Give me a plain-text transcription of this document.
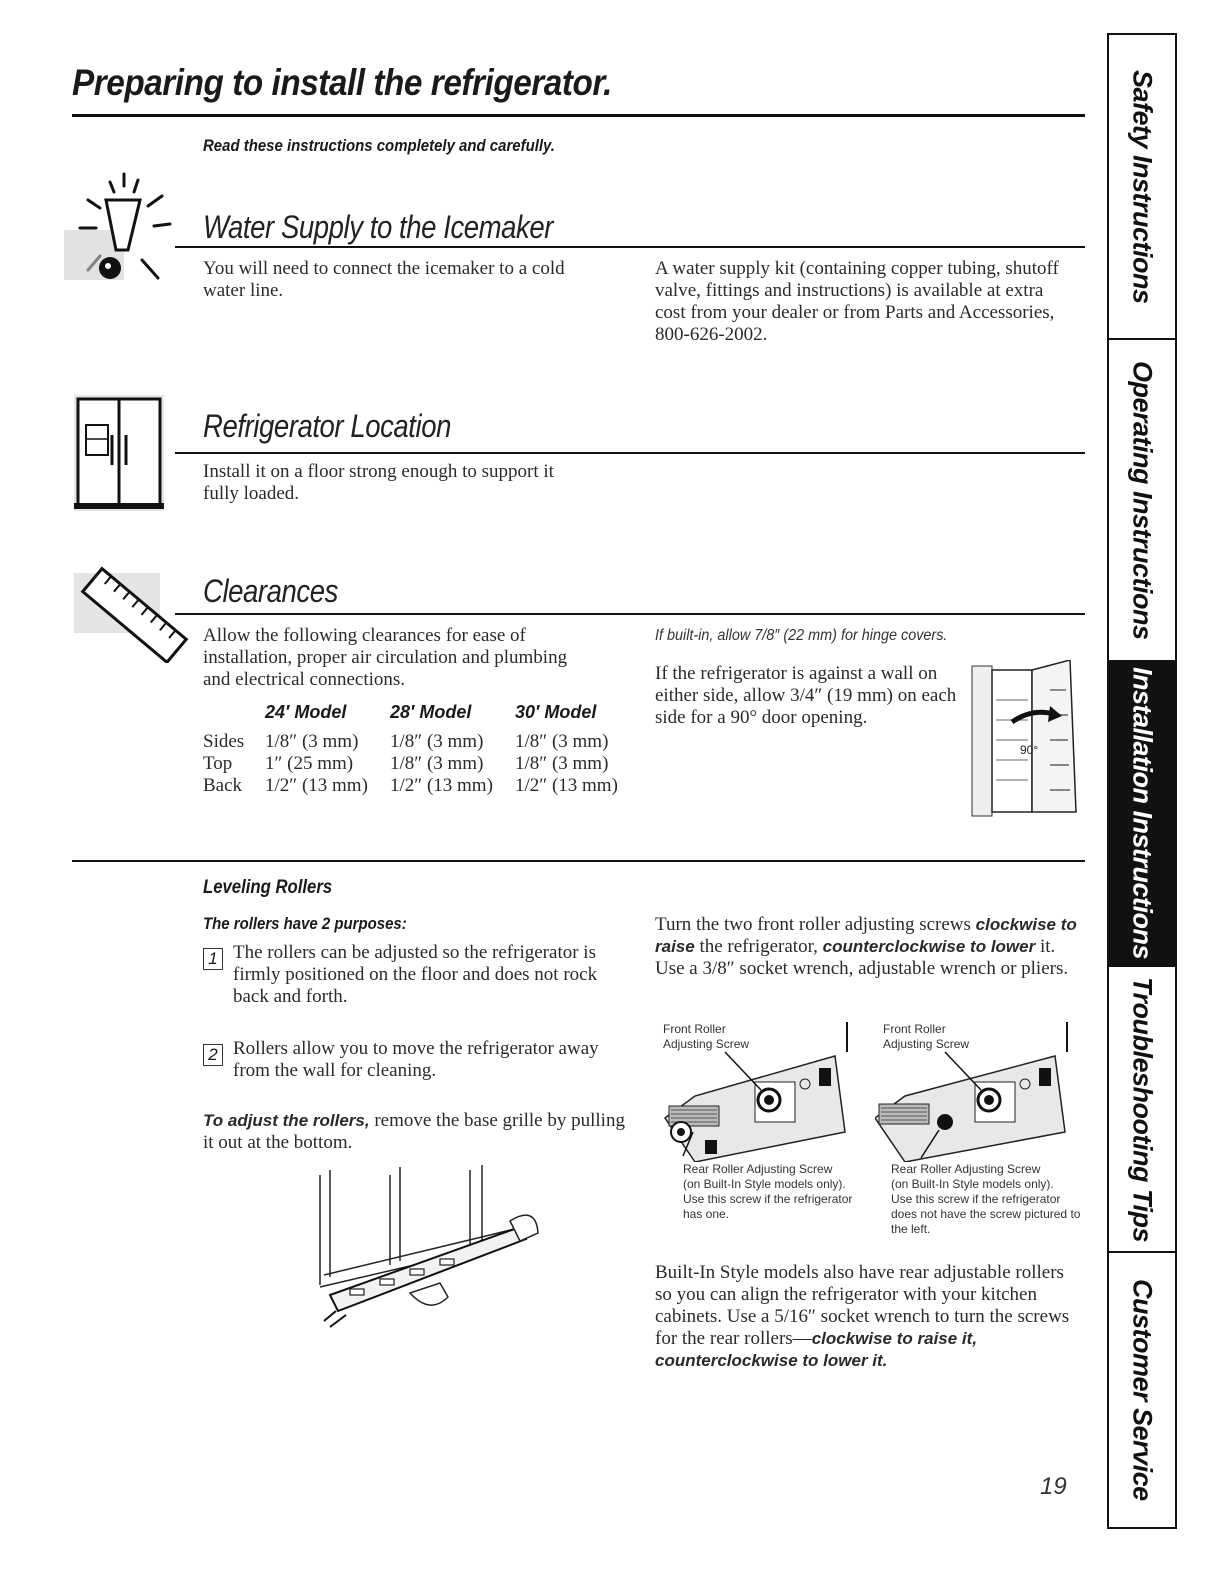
Preparing to install the refrigerator.
Read these instructions completely and carefully.
Water Supply to the Icemaker
You will need to connect the icemaker to a cold water line.
A water supply kit (containing copper tubing, shutoff valve, fittings and instructions) is available at extra cost from your dealer or from Parts and Accessories, 800-626-2002.
Refrigerator Location
Install it on a floor strong enough to support it fully loaded.
Clearances
Allow the following clearances for ease of installation, proper air circulation and plumbing and electrical connections.
	24′ Model	28′ Model	30′ Model
Sides	1/8″ (3 mm)	1/8″ (3 mm)	1/8″ (3 mm)
Top	1″ (25 mm)	1/8″ (3 mm)	1/8″ (3 mm)
Back	1/2″ (13 mm)	1/2″ (13 mm)	1/2″ (13 mm)
If built-in, allow 7/8″ (22 mm) for hinge covers.
If the refrigerator is against a wall on either side, allow 3/4″ (19 mm) on each side for a 90° door opening.
90°
Leveling Rollers
The rollers have 2 purposes:
1 The rollers can be adjusted so the refrigerator is firmly positioned on the floor and does not rock back and forth.
2 Rollers allow you to move the refrigerator away from the wall for cleaning.
To adjust the rollers, remove the base grille by pulling it out at the bottom.
Turn the two front roller adjusting screws clockwise to raise the refrigerator, counterclockwise to lower it. Use a 3/8″ socket wrench, adjustable wrench or pliers.
Front Roller Adjusting Screw
Rear Roller Adjusting Screw
(on Built-In Style models only).
Use this screw if the refrigerator has one.
Front Roller Adjusting Screw
Rear Roller Adjusting Screw
(on Built-In Style models only).
Use this screw if the refrigerator does not have the screw pictured to the left.
Built-In Style models also have rear adjustable rollers so you can align the refrigerator with your kitchen cabinets. Use a 5/16″ socket wrench to turn the screws for the rear rollers—clockwise to raise it, counterclockwise to lower it.
19
Safety Instructions
Operating Instructions
Installation Instructions
Troubleshooting Tips
Customer Service
